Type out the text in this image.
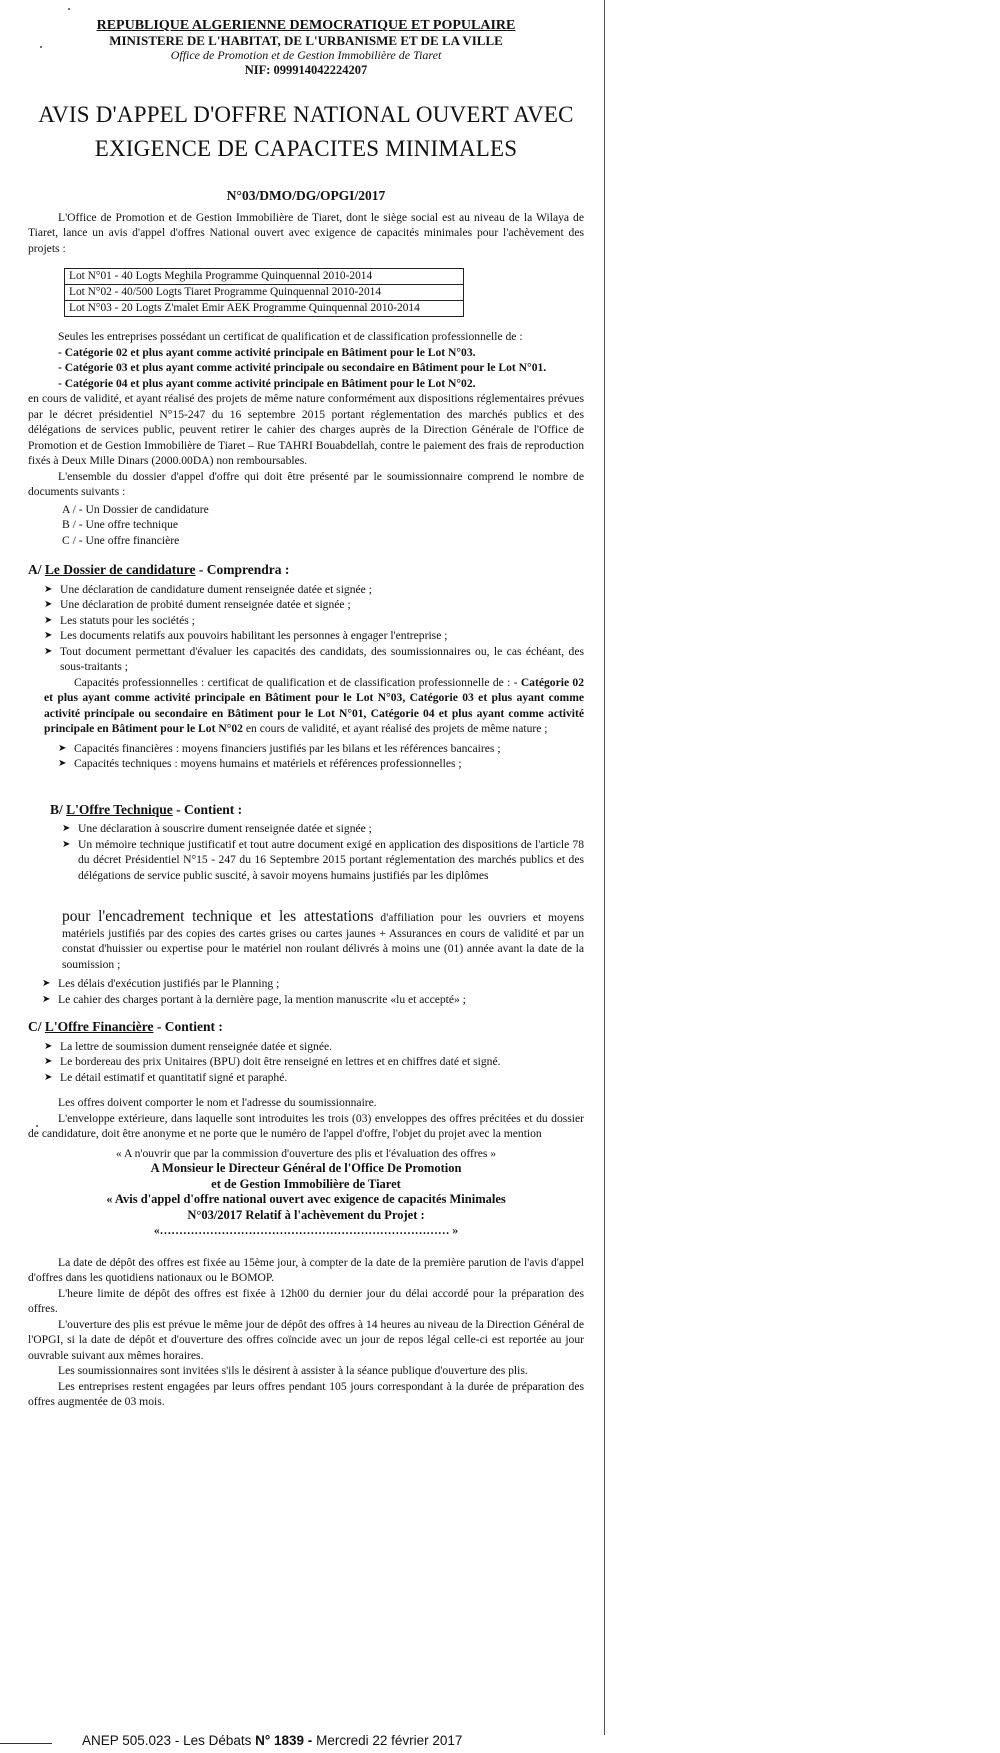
REPUBLIQUE ALGERIENNE DEMOCRATIQUE ET POPULAIRE
MINISTERE DE L'HABITAT, DE L'URBANISME ET DE LA VILLE
Office de Promotion et de Gestion Immobilière de Tiaret
NIF: 099914042224207
AVIS D'APPEL D'OFFRE NATIONAL OUVERT AVEC
EXIGENCE DE CAPACITES MINIMALES
N°03/DMO/DG/OPGI/2017

L'Office de Promotion et de Gestion Immobilière de Tiaret, dont le siège social est au niveau de la Wilaya de Tiaret, lance un avis d'appel d'offres National ouvert avec exigence de capacités minimales pour l'achèvement des projets :

Lot N°01 - 40 Logts Meghila Programme Quinquennal 2010-2014
Lot N°02 - 40/500 Logts Tiaret Programme Quinquennal 2010-2014
Lot N°03 - 20 Logts Z'malet Emir AEK Programme Quinquennal 2010-2014

Seules les entreprises possédant un certificat de qualification et de classification professionnelle de :

- Catégorie 02 et plus ayant comme activité principale en Bâtiment pour le Lot N°03.

- Catégorie 03 et plus ayant comme activité principale ou secondaire en Bâtiment pour le Lot N°01.

- Catégorie 04 et plus ayant comme activité principale en Bâtiment pour le Lot N°02.

en cours de validité, et ayant réalisé des projets de même nature conformément aux dispositions réglementaires prévues par le décret présidentiel N°15-247 du 16 septembre 2015 portant réglementation des marchés publics et des délégations de services public, peuvent retirer le cahier des charges auprès de la Direction Générale de l'Office de Promotion et de Gestion Immobilière de Tiaret – Rue TAHRI Bouabdellah, contre le paiement des frais de reproduction fixés à Deux Mille Dinars (2000.00DA) non remboursables.

L'ensemble du dossier d'appel d'offre qui doit être présenté par le soumissionnaire comprend le nombre de documents suivants :

A / - Un Dossier de candidature
B / - Une offre technique
C / - Une offre financière
A/ Le Dossier de candidature - Comprendra :
➤ Une déclaration de candidature dument renseignée datée et signée ;
➤ Une déclaration de probité dument renseignée datée et signée ;
➤ Les statuts pour les sociétés ;
➤ Les documents relatifs aux pouvoirs habilitant les personnes à engager l'entreprise ;
➤ Tout document permettant d'évaluer les capacités des candidats, des soumissionnaires ou, le cas échéant, des sous-traitants ;

Capacités professionnelles : certificat de qualification et de classification professionnelle de : - Catégorie 02 et plus ayant comme activité principale en Bâtiment pour le Lot N°03, Catégorie 03 et plus ayant comme activité principale ou secondaire en Bâtiment pour le Lot N°01, Catégorie 04 et plus ayant comme activité principale en Bâtiment pour le Lot N°02 en cours de validité, et ayant réalisé des projets de même nature ;

➤ Capacités financières : moyens financiers justifiés par les bilans et les références bancaires ;
➤ Capacités techniques : moyens humains et matériels et références professionnelles ;
B/ L'Offre Technique - Contient :
➤ Une déclaration à souscrire dument renseignée datée et signée ;
➤ Un mémoire technique justificatif et tout autre document exigé en application des dispositions de l'article 78 du décret Présidentiel N°15 - 247 du 16 Septembre 2015 portant réglementation des marchés publics et des délégations de service public suscité, à savoir moyens humains justifiés par les diplômes

pour l'encadrement technique et les attestations d'affiliation pour les ouvriers et moyens matériels justifiés par des copies des cartes grises ou cartes jaunes + Assurances en cours de validité et par un constat d'huissier ou expertise pour le matériel non roulant délivrés à moins une (01) année avant la date de la soumission ;

➤ Les délais d'exécution justifiés par le Planning ;
➤ Le cahier des charges portant à la dernière page, la mention manuscrite «lu et accepté» ;
C/ L'Offre Financière - Contient :
➤ La lettre de soumission dument renseignée datée et signée.
➤ Le bordereau des prix Unitaires (BPU) doit être renseigné en lettres et en chiffres daté et signé.
➤ Le détail estimatif et quantitatif signé et paraphé.

Les offres doivent comporter le nom et l'adresse du soumissionnaire.

L'enveloppe extérieure, dans laquelle sont introduites les trois (03) enveloppes des offres précitées et du dossier de candidature, doit être anonyme et ne porte que le numéro de l'appel d'offre, l'objet du projet avec la mention

« A n'ouvrir que par la commission d'ouverture des plis et l'évaluation des offres »
A Monsieur le Directeur Général de l'Office De Promotion
et de Gestion Immobilière de Tiaret
« Avis d'appel d'offre national ouvert avec exigence de capacités Minimales
N°03/2017 Relatif à l'achèvement du Projet :
«………………………………………………………………… »

La date de dépôt des offres est fixée au 15ème jour, à compter de la date de la première parution de l'avis d'appel d'offres dans les quotidiens nationaux ou le BOMOP.

L'heure limite de dépôt des offres est fixée à 12h00 du dernier jour du délai accordé pour la préparation des offres.

L'ouverture des plis est prévue le même jour de dépôt des offres à 14 heures au niveau de la Direction Général de l'OPGI, si la date de dépôt et d'ouverture des offres coïncide avec un jour de repos légal celle-ci est reportée au jour ouvrable suivant aux mêmes horaires.

Les soumissionnaires sont invitées s'ils le désirent à assister à la séance publique d'ouverture des plis.

Les entreprises restent engagées par leurs offres pendant 105 jours correspondant à la durée de préparation des offres augmentée de 03 mois.

ANEP 505.023 - Les Débats N° 1839 - Mercredi 22 février 2017
